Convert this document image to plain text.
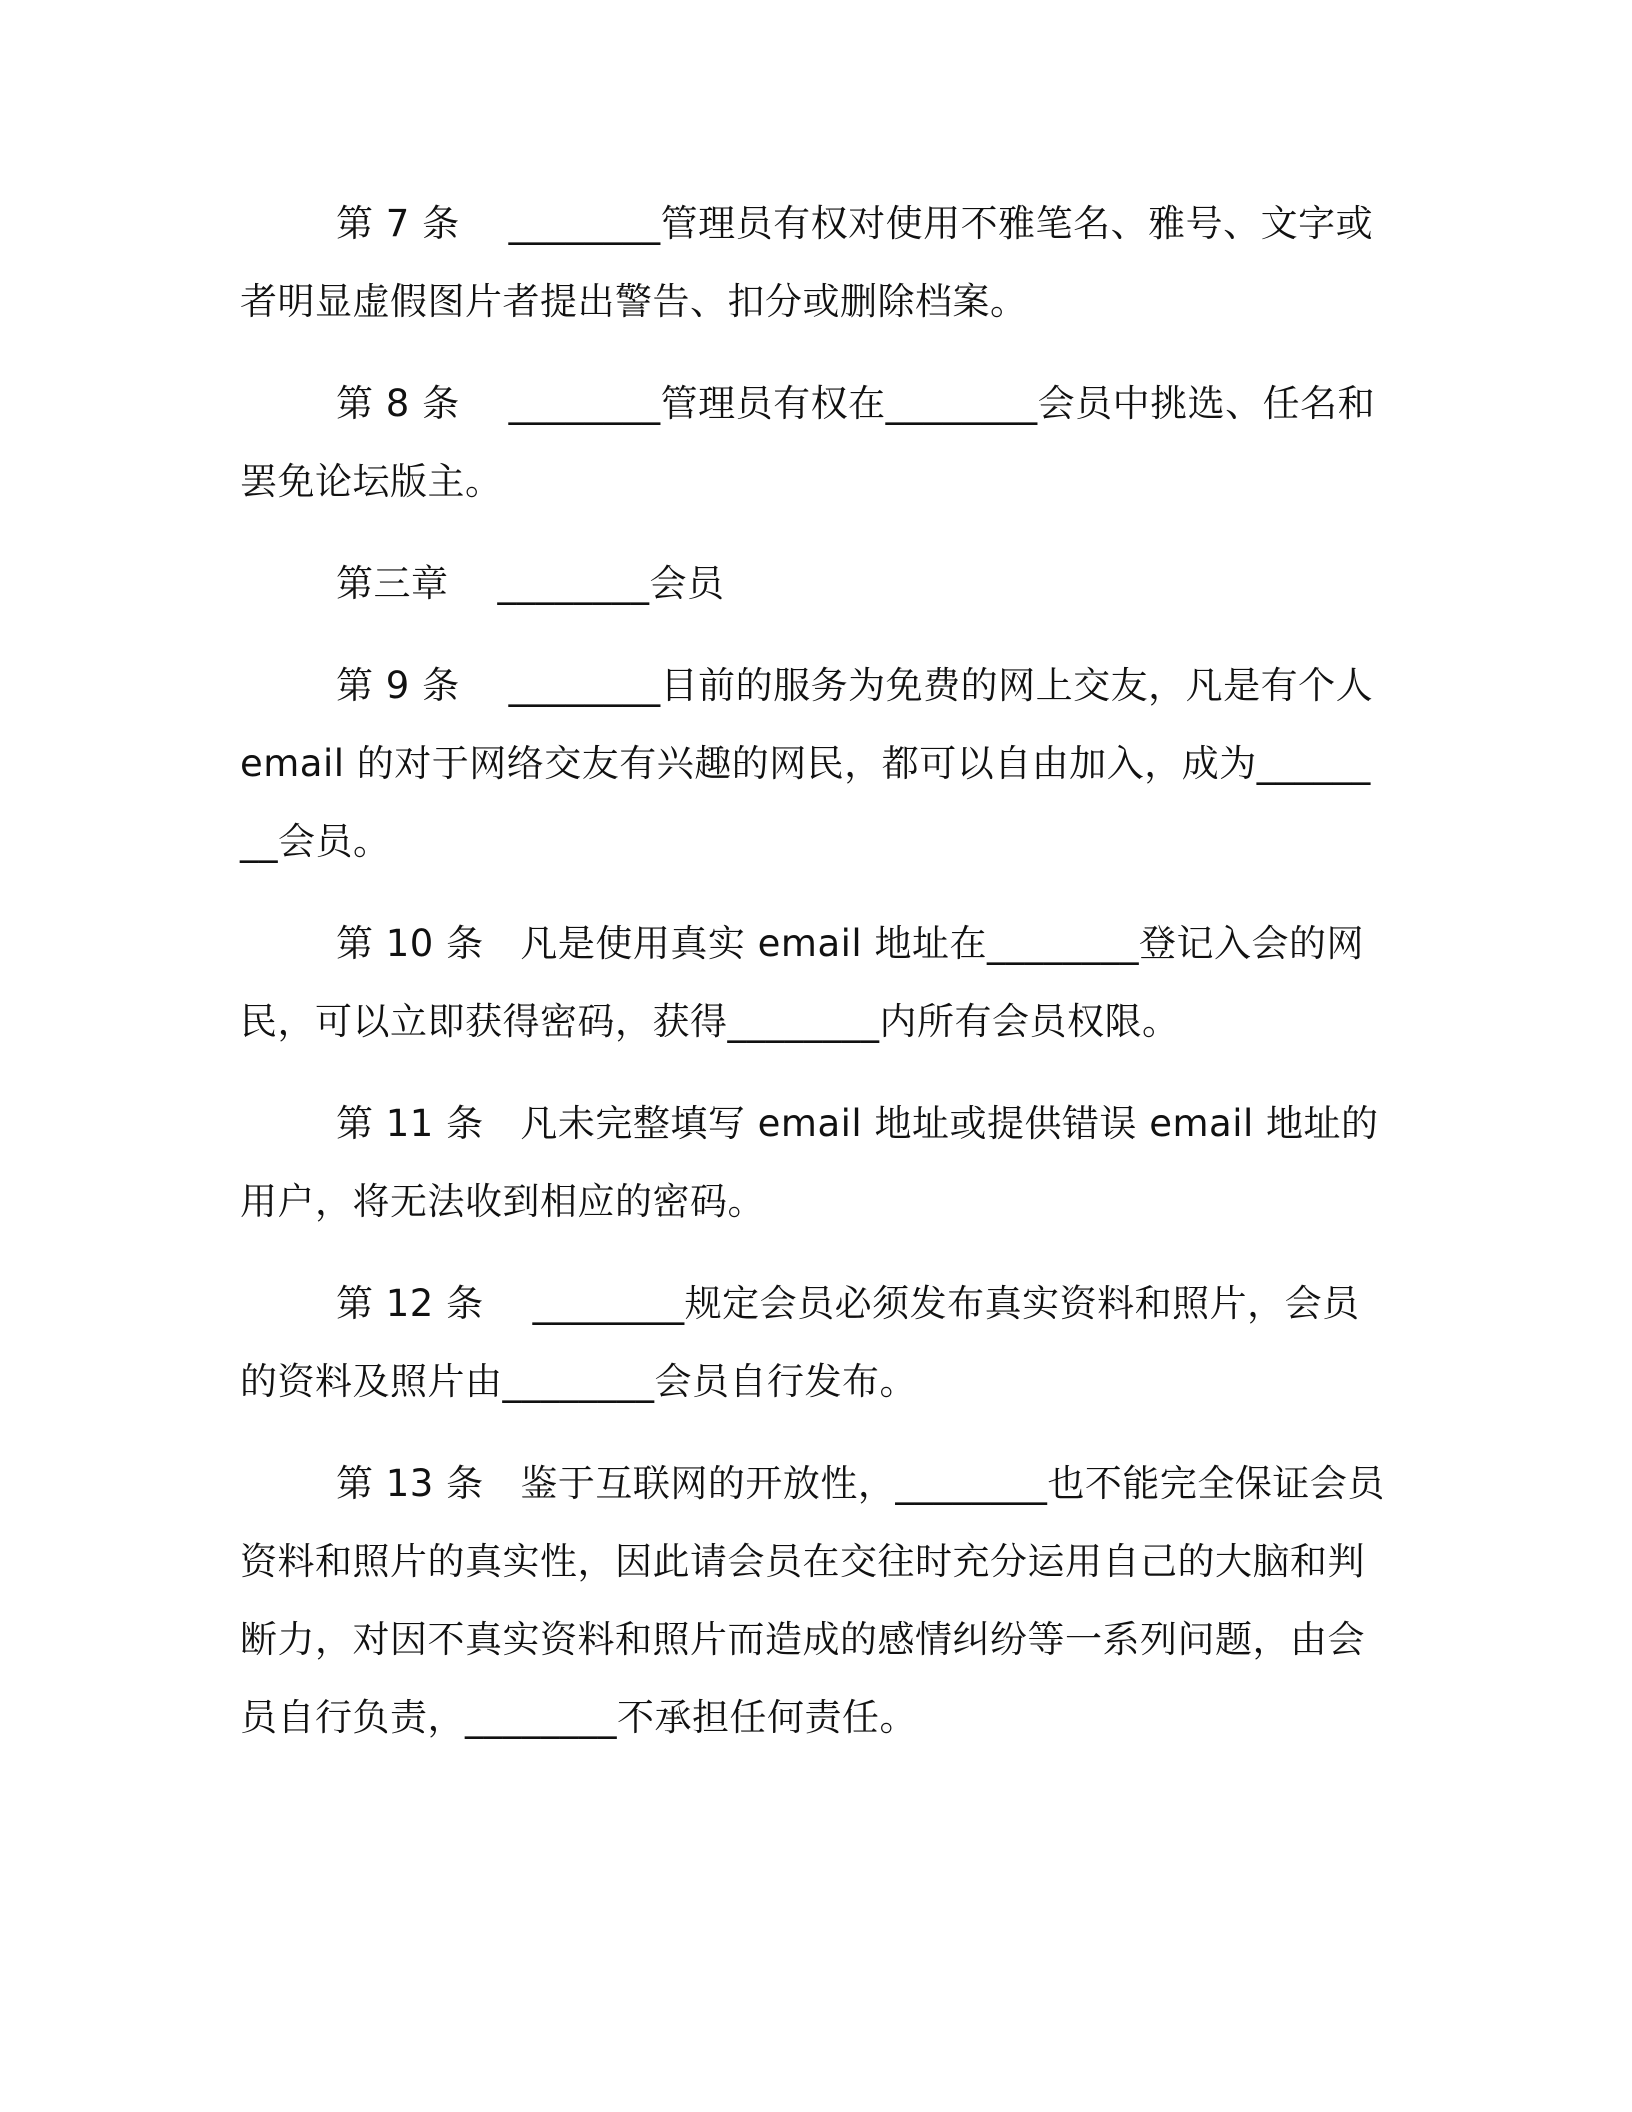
第 7 条 ________管理员有权对使用不雅笔名、雅号、文字或者明显虚假图片者提出警告、扣分或删除档案。

第 8 条 ________管理员有权在________会员中挑选、任名和罢免论坛版主。

第三章 ________会员

第 9 条 ________目前的服务为免费的网上交友，凡是有个人 email 的对于网络交友有兴趣的网民，都可以自由加入，成为________会员。

第 10 条 凡是使用真实 email 地址在________登记入会的网民，可以立即获得密码，获得________内所有会员权限。

第 11 条 凡未完整填写 email 地址或提供错误 email 地址的用户，将无法收到相应的密码。

第 12 条 ________规定会员必须发布真实资料和照片，会员的资料及照片由________会员自行发布。

第 13 条 鉴于互联网的开放性，________也不能完全保证会员资料和照片的真实性，因此请会员在交往时充分运用自己的大脑和判断力，对因不真实资料和照片而造成的感情纠纷等一系列问题，由会员自行负责，________不承担任何责任。
